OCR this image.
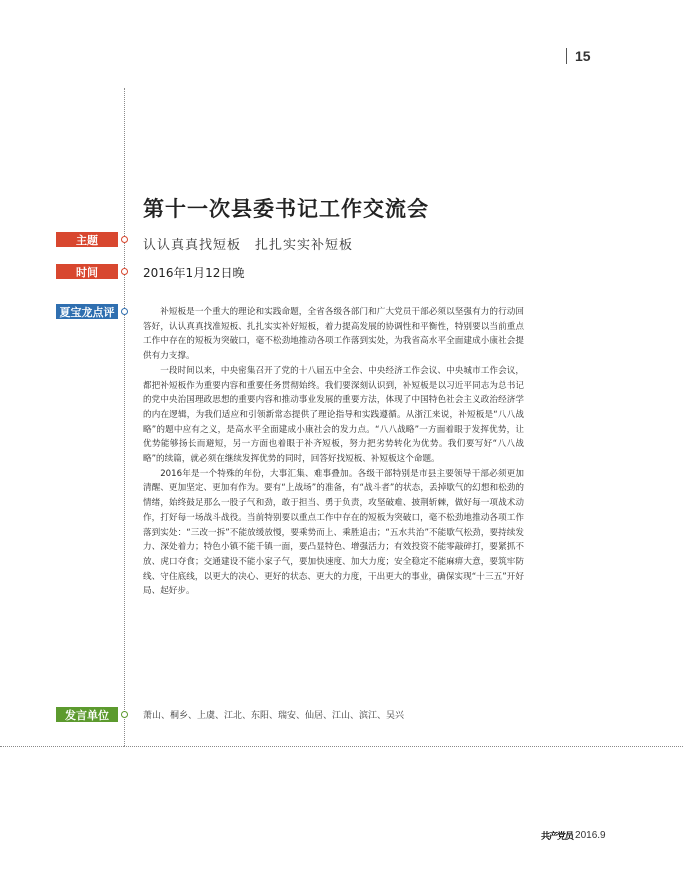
15
第十一次县委书记工作交流会
主题	认认真真找短板　扎扎实实补短板
时间	2016年1月12日晚
夏宝龙点评	补短板是一个重大的理论和实践命题，全省各级各部门和广大党员干部必须以坚强有力的行动回答好，认认真真找准短板、扎扎实实补好短板，着力提高发展的协调性和平衡性，特别要以当前重点工作中存在的短板为突破口，毫不松劲地推动各项工作落到实处，为我省高水平全面建成小康社会提供有力支撑。

一段时间以来，中央密集召开了党的十八届五中全会、中央经济工作会议、中央城市工作会议，都把补短板作为重要内容和重要任务贯彻始终。我们要深刻认识到，补短板是以习近平同志为总书记的党中央治国理政思想的重要内容和推动事业发展的重要方法，体现了中国特色社会主义政治经济学的内在逻辑，为我们适应和引领新常态提供了理论指导和实践遵循。从浙江来说，补短板是“八八战略”的题中应有之义，是高水平全面建成小康社会的发力点。“八八战略”一方面着眼于发挥优势，让优势能够扬长而避短，另一方面也着眼于补齐短板，努力把劣势转化为优势。我们要写好“八八战略”的续篇，就必须在继续发挥优势的同时，回答好找短板、补短板这个命题。

2016年是一个特殊的年份，大事汇集、难事叠加。各级干部特别是市县主要领导干部必须更加清醒、更加坚定、更加有作为。要有“上战场”的准备，有“战斗者”的状态，丢掉歇气的幻想和松劲的情绪，始终鼓足那么一股子气和劲，敢于担当、勇于负责，攻坚破难、披荆斩棘，做好每一项战术动作，打好每一场战斗战役。当前特别要以重点工作中存在的短板为突破口，毫不松劲地推动各项工作落到实处：“三改一拆”不能放缓放慢，要乘势而上、乘胜追击；“五水共治”不能歇气松劲，要持续发力、深处着力；特色小镇不能千镇一面，要凸显特色、增强活力；有效投资不能零敲碎打，要紧抓不放、虎口夺食；交通建设不能小家子气，要加快速度、加大力度；安全稳定不能麻痹大意，要筑牢防线、守住底线，以更大的决心、更好的状态、更大的力度，干出更大的事业，确保实现“十三五”开好局、起好步。

发言单位	萧山、桐乡、上虞、江北、东阳、瑞安、仙居、江山、滨江、吴兴
共产党员 2016.9
